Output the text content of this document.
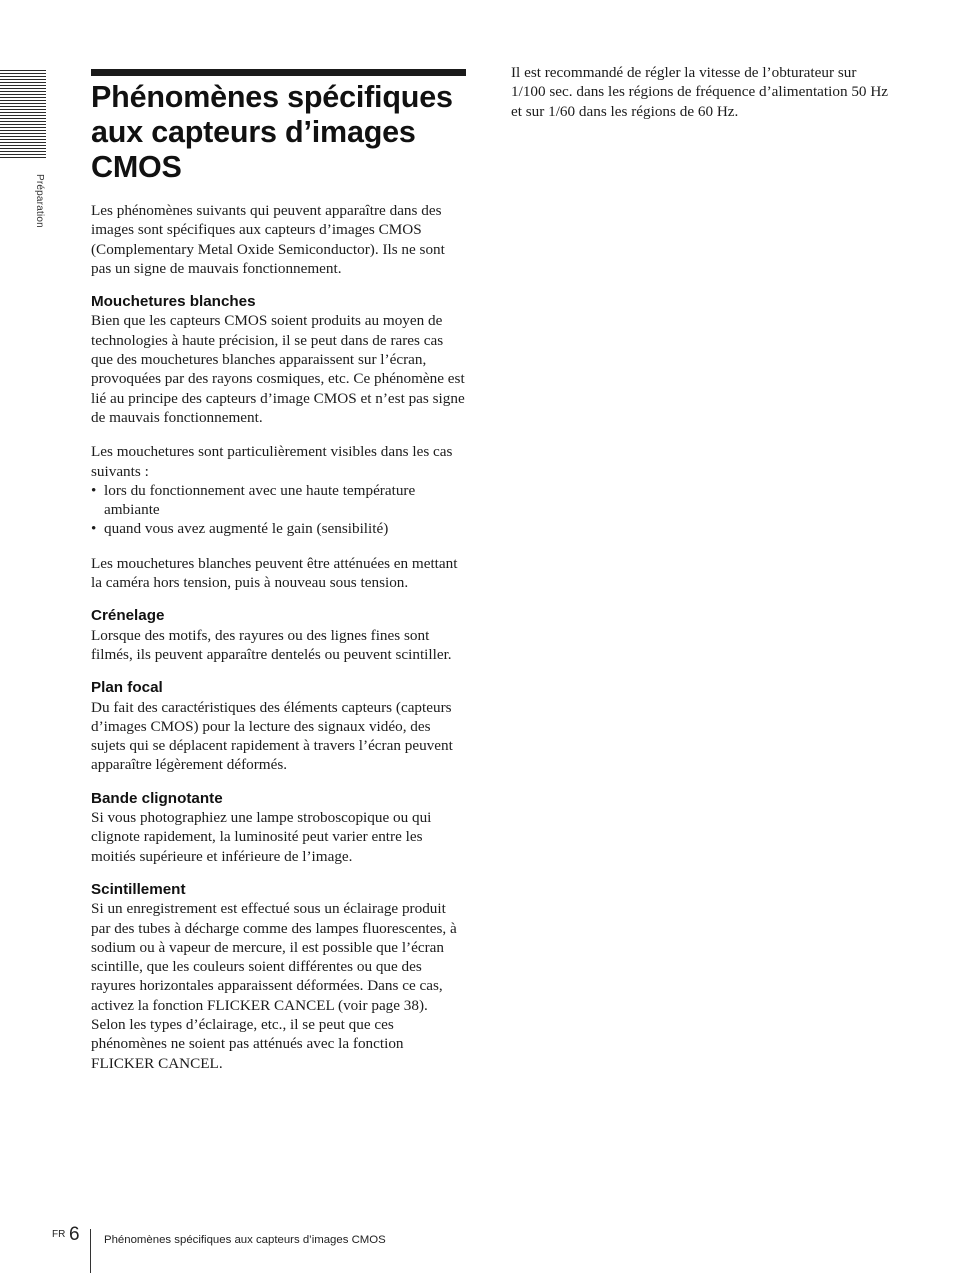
Préparation
Phénomènes spécifiques aux capteurs d’images CMOS

Les phénomènes suivants qui peuvent apparaître dans des images sont spécifiques aux capteurs d’images CMOS (Complementary Metal Oxide Semiconductor). Ils ne sont pas un signe de mauvais fonctionnement.

Mouchetures blanches

Bien que les capteurs CMOS soient produits au moyen de technologies à haute précision, il se peut dans de rares cas que des mouchetures blanches apparaissent sur l’écran, provoquées par des rayons cosmiques, etc. Ce phénomène est lié au principe des capteurs d’image CMOS et n’est pas signe de mauvais fonctionnement.

Les mouchetures sont particulièrement visibles dans les cas suivants :

• lors du fonctionnement avec une haute température ambiante
• quand vous avez augmenté le gain (sensibilité)

Les mouchetures blanches peuvent être atténuées en mettant la caméra hors tension, puis à nouveau sous tension.

Crénelage

Lorsque des motifs, des rayures ou des lignes fines sont filmés, ils peuvent apparaître dentelés ou peuvent scintiller.

Plan focal

Du fait des caractéristiques des éléments capteurs (capteurs d’images CMOS) pour la lecture des signaux vidéo, des sujets qui se déplacent rapidement à travers l’écran peuvent apparaître légèrement déformés.

Bande clignotante

Si vous photographiez une lampe stroboscopique ou qui clignote rapidement, la luminosité peut varier entre les moitiés supérieure et inférieure de l’image.

Scintillement

Si un enregistrement est effectué sous un éclairage produit par des tubes à décharge comme des lampes fluorescentes, à sodium ou à vapeur de mercure, il est possible que l’écran scintille, que les couleurs soient différentes ou que des rayures horizontales apparaissent déformées. Dans ce cas, activez la fonction FLICKER CANCEL (voir page 38).

Selon les types d’éclairage, etc., il se peut que ces phénomènes ne soient pas atténués avec la fonction FLICKER CANCEL.

Il est recommandé de régler la vitesse de l’obturateur sur 1/100 sec. dans les régions de fréquence d’alimentation 50 Hz et sur 1/60 dans les régions de 60 Hz.

FR 6 Phénomènes spécifiques aux capteurs d’images CMOS
